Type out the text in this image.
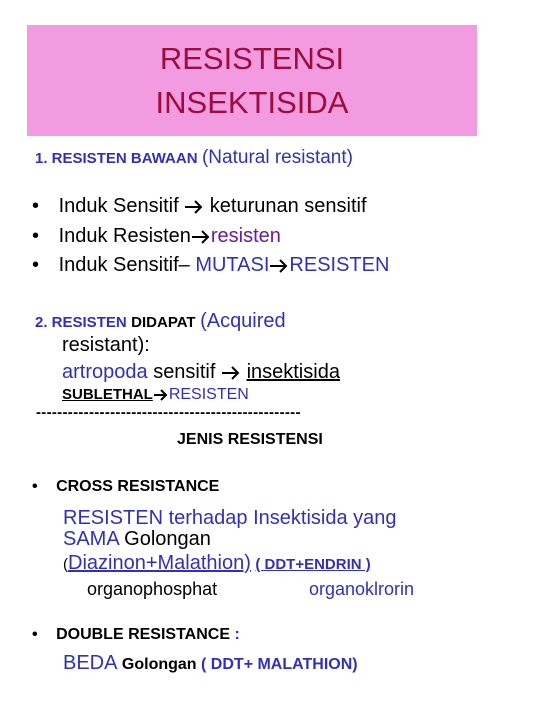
RESISTENSI
INSEKTISIDA
1. RESISTEN BAWAAN (Natural resistant)
• Induk Sensitif  keturunan sensitif
• Induk Resisten resisten
• Induk Sensitif– MUTASI RESISTEN
2. RESISTEN DIDAPAT (Acquired
resistant):
artropoda sensitif  insektisida
SUBLETHAL RESISTEN
--------------------------------------------------
JENIS RESISTENSI
• CROSS RESISTANCE
RESISTEN terhadap Insektisida yang
SAMA Golongan
(Diazinon+Malathion) ( DDT+ENDRIN )
organophosphat	organoklrorin
• DOUBLE RESISTANCE :
BEDA Golongan ( DDT+ MALATHION)
